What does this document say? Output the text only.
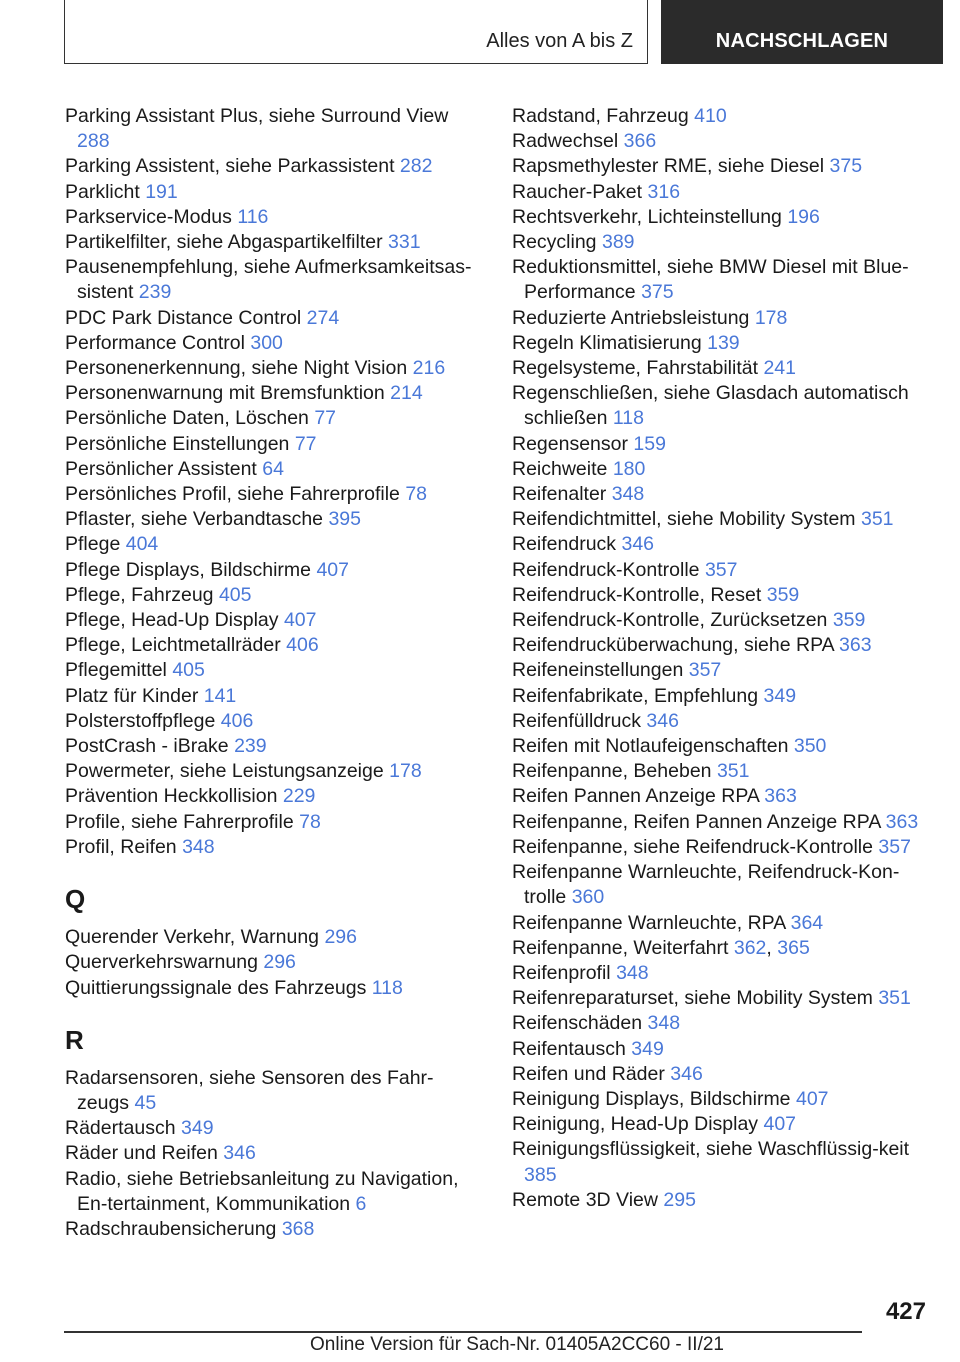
Alles von A bis Z	NACHSCHLAGEN
Parking Assistant Plus, siehe Surround View 288
Parking Assistent, siehe Parkassistent 282
Parklicht 191
Parkservice-Modus 116
Partikelfilter, siehe Abgaspartikelfilter 331
Pausenempfehlung, siehe Aufmerksamkeitsas-sistent 239
PDC Park Distance Control 274
Performance Control 300
Personenerkennung, siehe Night Vision 216
Personenwarnung mit Bremsfunktion 214
Persönliche Daten, Löschen 77
Persönliche Einstellungen 77
Persönlicher Assistent 64
Persönliches Profil, siehe Fahrerprofile 78
Pflaster, siehe Verbandtasche 395
Pflege 404
Pflege Displays, Bildschirme 407
Pflege, Fahrzeug 405
Pflege, Head-Up Display 407
Pflege, Leichtmetallräder 406
Pflegemittel 405
Platz für Kinder 141
Polsterstoffpflege 406
PostCrash - iBrake 239
Powermeter, siehe Leistungsanzeige 178
Prävention Heckkollision 229
Profile, siehe Fahrerprofile 78
Profil, Reifen 348
Q
Querender Verkehr, Warnung 296
Querverkehrswarnung 296
Quittierungssignale des Fahrzeugs 118
R
Radarsensoren, siehe Sensoren des Fahr-zeugs 45
Rädertausch 349
Räder und Reifen 346
Radio, siehe Betriebsanleitung zu Navigation, En-tertainment, Kommunikation 6
Radschraubensicherung 368
Radstand, Fahrzeug 410
Radwechsel 366
Rapsmethylester RME, siehe Diesel 375
Raucher-Paket 316
Rechtsverkehr, Lichteinstellung 196
Recycling 389
Reduktionsmittel, siehe BMW Diesel mit Blue-Performance 375
Reduzierte Antriebsleistung 178
Regeln Klimatisierung 139
Regelsysteme, Fahrstabilität 241
Regenschließen, siehe Glasdach automatisch schließen 118
Regensensor 159
Reichweite 180
Reifenalter 348
Reifendichtmittel, siehe Mobility System 351
Reifendruck 346
Reifendruck-Kontrolle 357
Reifendruck-Kontrolle, Reset 359
Reifendruck-Kontrolle, Zurücksetzen 359
Reifendrucküberwachung, siehe RPA 363
Reifeneinstellungen 357
Reifenfabrikate, Empfehlung 349
Reifenfülldruck 346
Reifen mit Notlaufeigenschaften 350
Reifenpanne, Beheben 351
Reifen Pannen Anzeige RPA 363
Reifenpanne, Reifen Pannen Anzeige RPA 363
Reifenpanne, siehe Reifendruck-Kontrolle 357
Reifenpanne Warnleuchte, Reifendruck-Kon-trolle 360
Reifenpanne Warnleuchte, RPA 364
Reifenpanne, Weiterfahrt 362, 365
Reifenprofil 348
Reifenreparaturset, siehe Mobility System 351
Reifenschäden 348
Reifentausch 349
Reifen und Räder 346
Reinigung Displays, Bildschirme 407
Reinigung, Head-Up Display 407
Reinigungsflüssigkeit, siehe Waschflüssig-keit 385
Remote 3D View 295
427
Online Version für Sach-Nr. 01405A2CC60 - II/21
